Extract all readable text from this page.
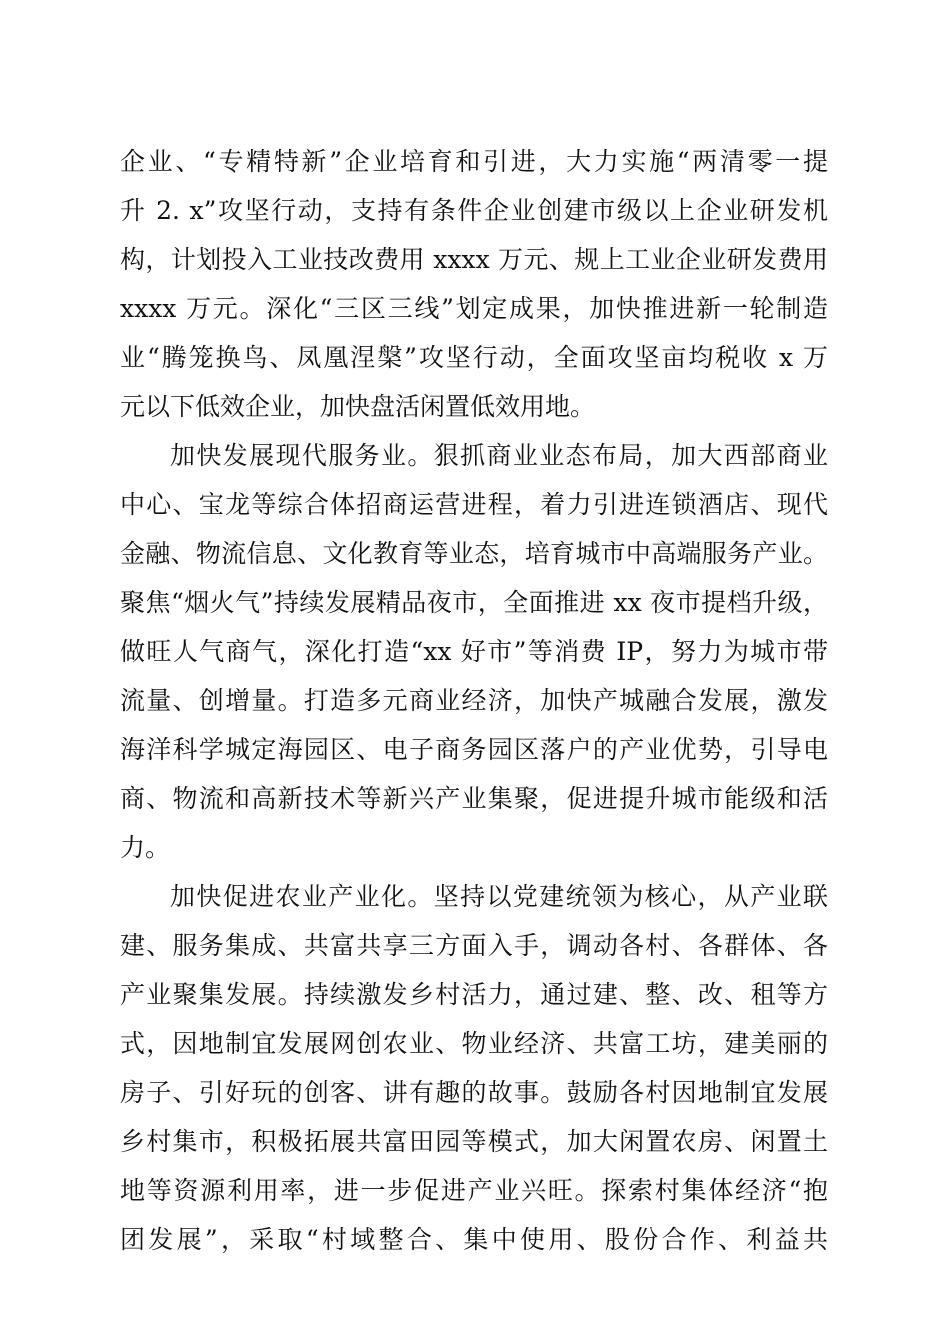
企业、“专精特新”企业培育和引进，大力实施“两清零一提
升 2. x”攻坚行动，支持有条件企业创建市级以上企业研发机
构，计划投入工业技改费用 xxxx 万元、规上工业企业研发费用
xxxx 万元。深化“三区三线”划定成果，加快推进新一轮制造
业“腾笼换鸟、凤凰涅槃”攻坚行动，全面攻坚亩均税收 x 万
元以下低效企业，加快盘活闲置低效用地。

加快发展现代服务业。狠抓商业业态布局，加大西部商业
中心、宝龙等综合体招商运营进程，着力引进连锁酒店、现代
金融、物流信息、文化教育等业态，培育城市中高端服务产业。
聚焦“烟火气”持续发展精品夜市，全面推进 xx 夜市提档升级，
做旺人气商气，深化打造“xx 好市”等消费 IP，努力为城市带
流量、创增量。打造多元商业经济，加快产城融合发展，激发
海洋科学城定海园区、电子商务园区落户的产业优势，引导电
商、物流和高新技术等新兴产业集聚，促进提升城市能级和活
力。

加快促进农业产业化。坚持以党建统领为核心，从产业联
建、服务集成、共富共享三方面入手，调动各村、各群体、各
产业聚集发展。持续激发乡村活力，通过建、整、改、租等方
式，因地制宜发展网创农业、物业经济、共富工坊，建美丽的
房子、引好玩的创客、讲有趣的故事。鼓励各村因地制宜发展
乡村集市，积极拓展共富田园等模式，加大闲置农房、闲置土
地等资源利用率，进一步促进产业兴旺。探索村集体经济“抱
团发展”，采取“村域整合、集中使用、股份合作、利益共
